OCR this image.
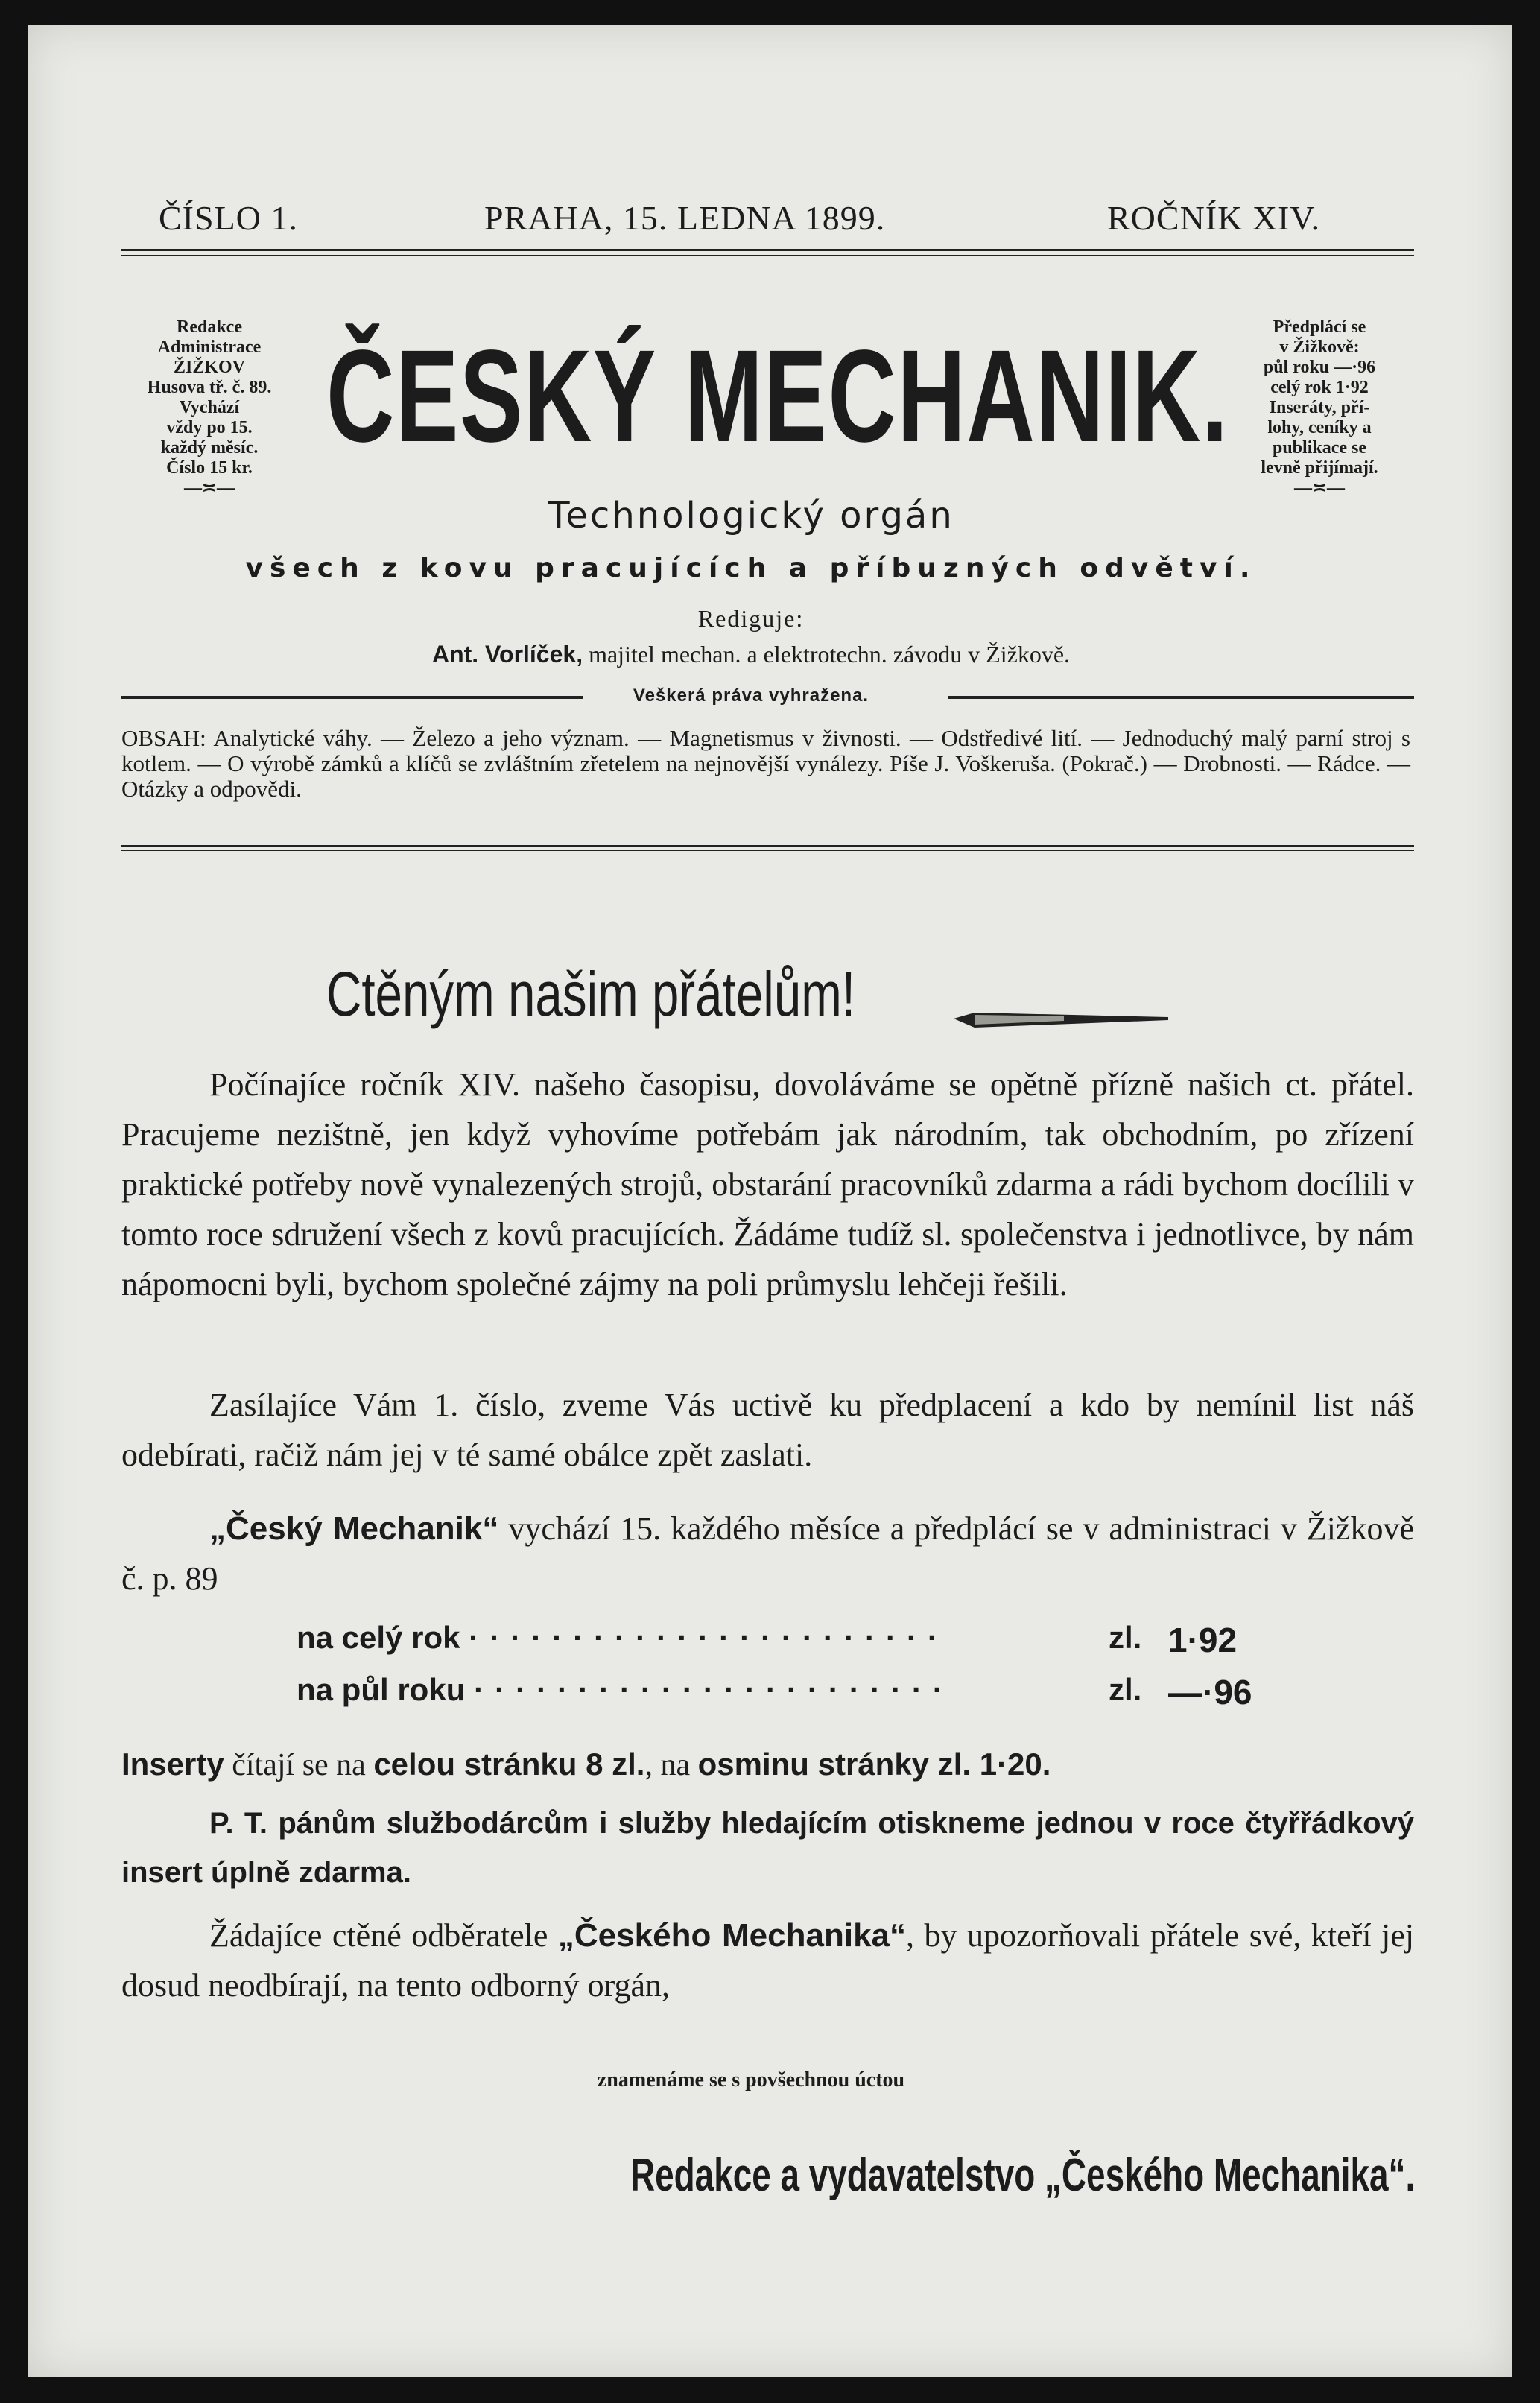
ČÍSLO 1.	PRAHA, 15. LEDNA 1899.	ROČNÍK XIV.
Redakce
Administrace
ŽIŽKOV
Husova tř. č. 89.
Vychází
vždy po 15.
každý měsíc.
Číslo 15 kr.
—≍—
ČESKÝ MECHANIK.	Předplácí se
v Žižkově:
půl roku —·96
celý rok 1·92
Inseráty, pří-
lohy, ceníky a
publikace se
levně přijímají.
—≍—
Technologický orgán
všech z kovu pracujících a příbuzných odvětví.
Rediguje:
Ant. Vorlíček, majitel mechan. a elektrotechn. závodu v Žižkově.
Veškerá práva vyhražena.
OBSAH: Analytické váhy. — Železo a jeho význam. — Magnetismus v živnosti. — Odstředivé lití. — Jednoduchý malý parní stroj s kotlem. — O výrobě zámků a klíčů se zvláštním zřetelem na nejnovější vynálezy. Píše J. Voškeruša. (Pokrač.) — Drobnosti. — Rádce. — Otázky a odpovědi.
Ctěným našim přátelům!
Počínajíce ročník XIV. našeho časopisu, dovoláváme se opětně přízně našich ct. přátel. Pracujeme nezištně, jen když vyhovíme potřebám jak národním, tak obchodním, po zřízení praktické potřeby nově vynalezených strojů, obstarání pracovníků zdarma a rádi bychom docílili v tomto roce sdružení všech z kovů pracujících. Žádáme tudíž sl. společenstva i jednotlivce, by nám nápomocni byli, bychom společné zájmy na poli průmyslu lehčeji řešili.
Zasílajíce Vám 1. číslo, zveme Vás uctivě ku předplacení a kdo by nemínil list náš odebírati, račiž nám jej v té samé obálce zpět zaslati.
„Český Mechanik“ vychází 15. každého měsíce a předplácí se v administraci v Žižkově č. p. 89
na celý rok ·······················	zl. 1·92
na půl roku ·······················	zl. —·96
Inserty čítají se na celou stránku 8 zl., na osminu stránky zl. 1·20.
P. T. pánům službodárcům i služby hledajícím otiskneme jednou v roce čtyřřádkový insert úplně zdarma.
Žádajíce ctěné odběratele „Českého Mechanika“, by upozorňovali přátele své, kteří jej dosud neodbírají, na tento odborný orgán,
znamenáme se s povšechnou úctou
Redakce a vydavatelstvo „Českého Mechanika“.
